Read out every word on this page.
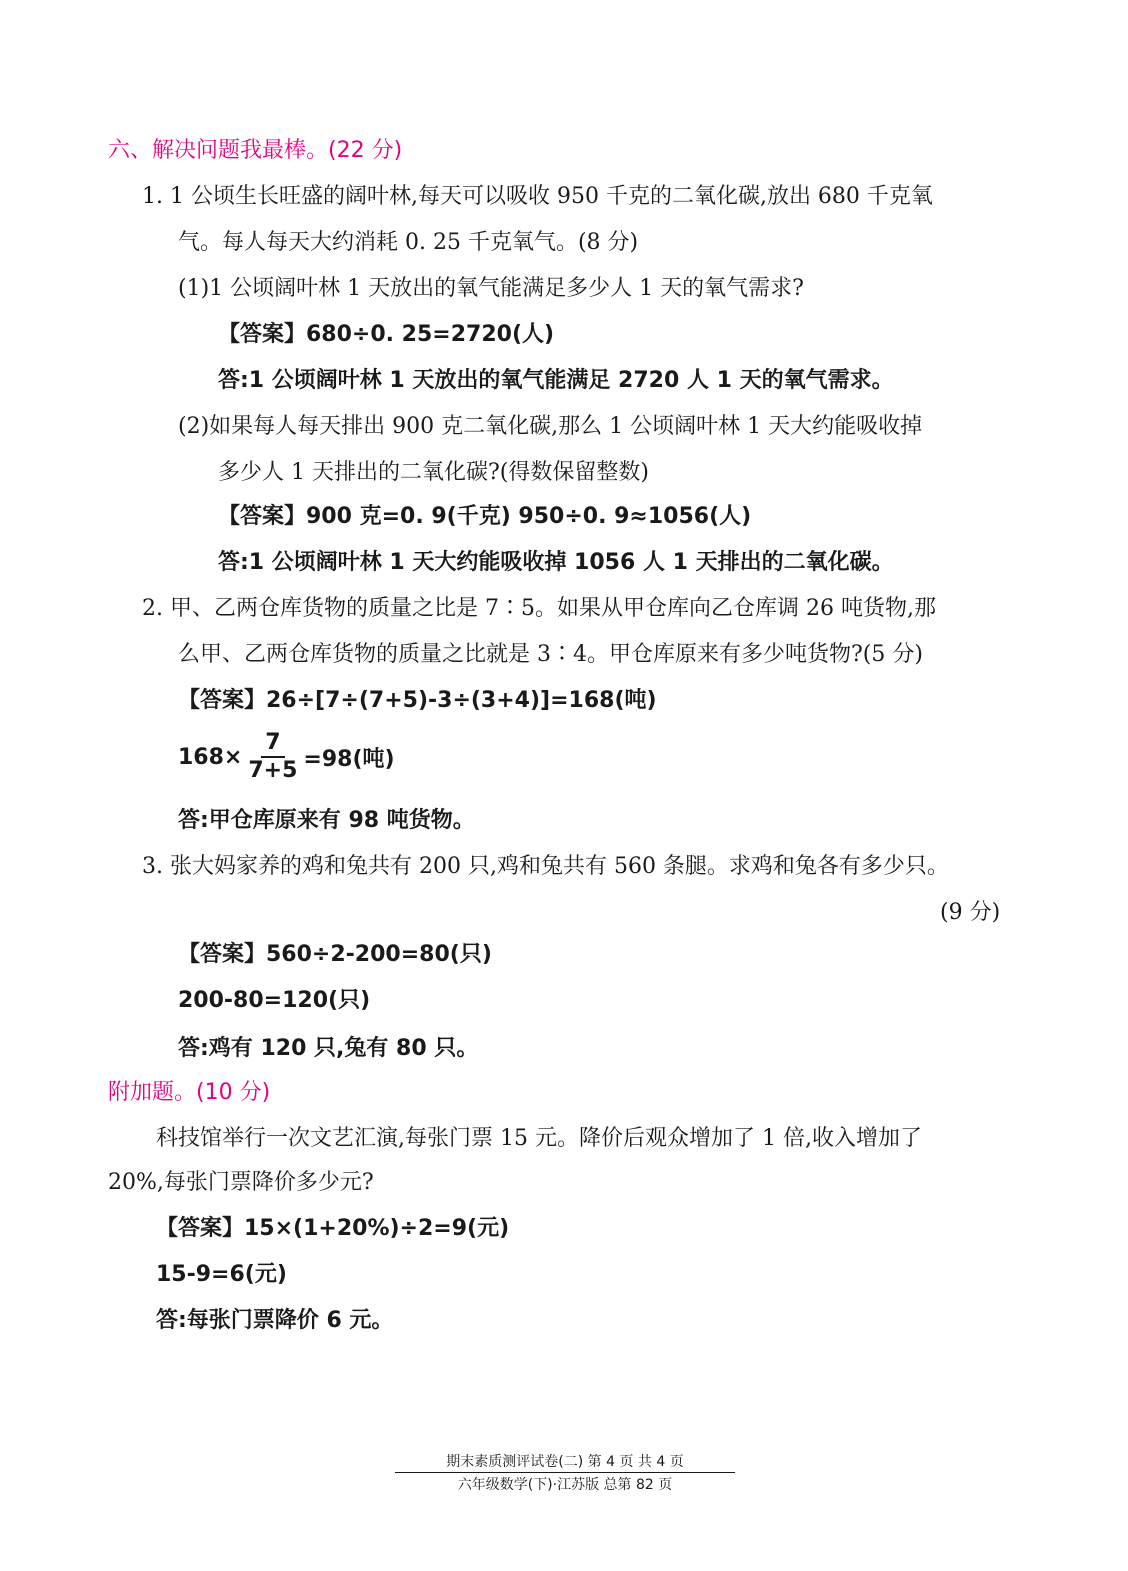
六、解决问题我最棒。(22 分)
1. 1 公顷生长旺盛的阔叶林,每天可以吸收 950 千克的二氧化碳,放出 680 千克氧
气。每人每天大约消耗 0. 25 千克氧气。(8 分)
(1)1 公顷阔叶林 1 天放出的氧气能满足多少人 1 天的氧气需求?
【答案】680÷0. 25=2720(人)
答:1 公顷阔叶林 1 天放出的氧气能满足 2720 人 1 天的氧气需求。
(2)如果每人每天排出 900 克二氧化碳,那么 1 公顷阔叶林 1 天大约能吸收掉
多少人 1 天排出的二氧化碳?(得数保留整数)
【答案】900 克=0. 9(千克) 950÷0. 9≈1056(人)
答:1 公顷阔叶林 1 天大约能吸收掉 1056 人 1 天排出的二氧化碳。
2. 甲、乙两仓库货物的质量之比是 7∶5。如果从甲仓库向乙仓库调 26 吨货物,那
么甲、乙两仓库货物的质量之比就是 3∶4。甲仓库原来有多少吨货物?(5 分)
【答案】26÷[7÷(7+5)-3÷(3+4)]=168(吨)
$168\times \frac{7}{7+5} =98$(吨)
答:甲仓库原来有 98 吨货物。
3. 张大妈家养的鸡和兔共有 200 只,鸡和兔共有 560 条腿。求鸡和兔各有多少只。
(9 分)
【答案】560÷2-200=80(只)
200-80=120(只)
答:鸡有 120 只,兔有 80 只。
附加题。(10 分)
科技馆举行一次文艺汇演,每张门票 15 元。降价后观众增加了 1 倍,收入增加了
20%,每张门票降价多少元?
【答案】15×(1+20%)÷2=9(元)
15-9=6(元)
答:每张门票降价 6 元。
期末素质测评试卷(二) 第 4 页 共 4 页
六年级数学(下)·江苏版 总第 82 页
